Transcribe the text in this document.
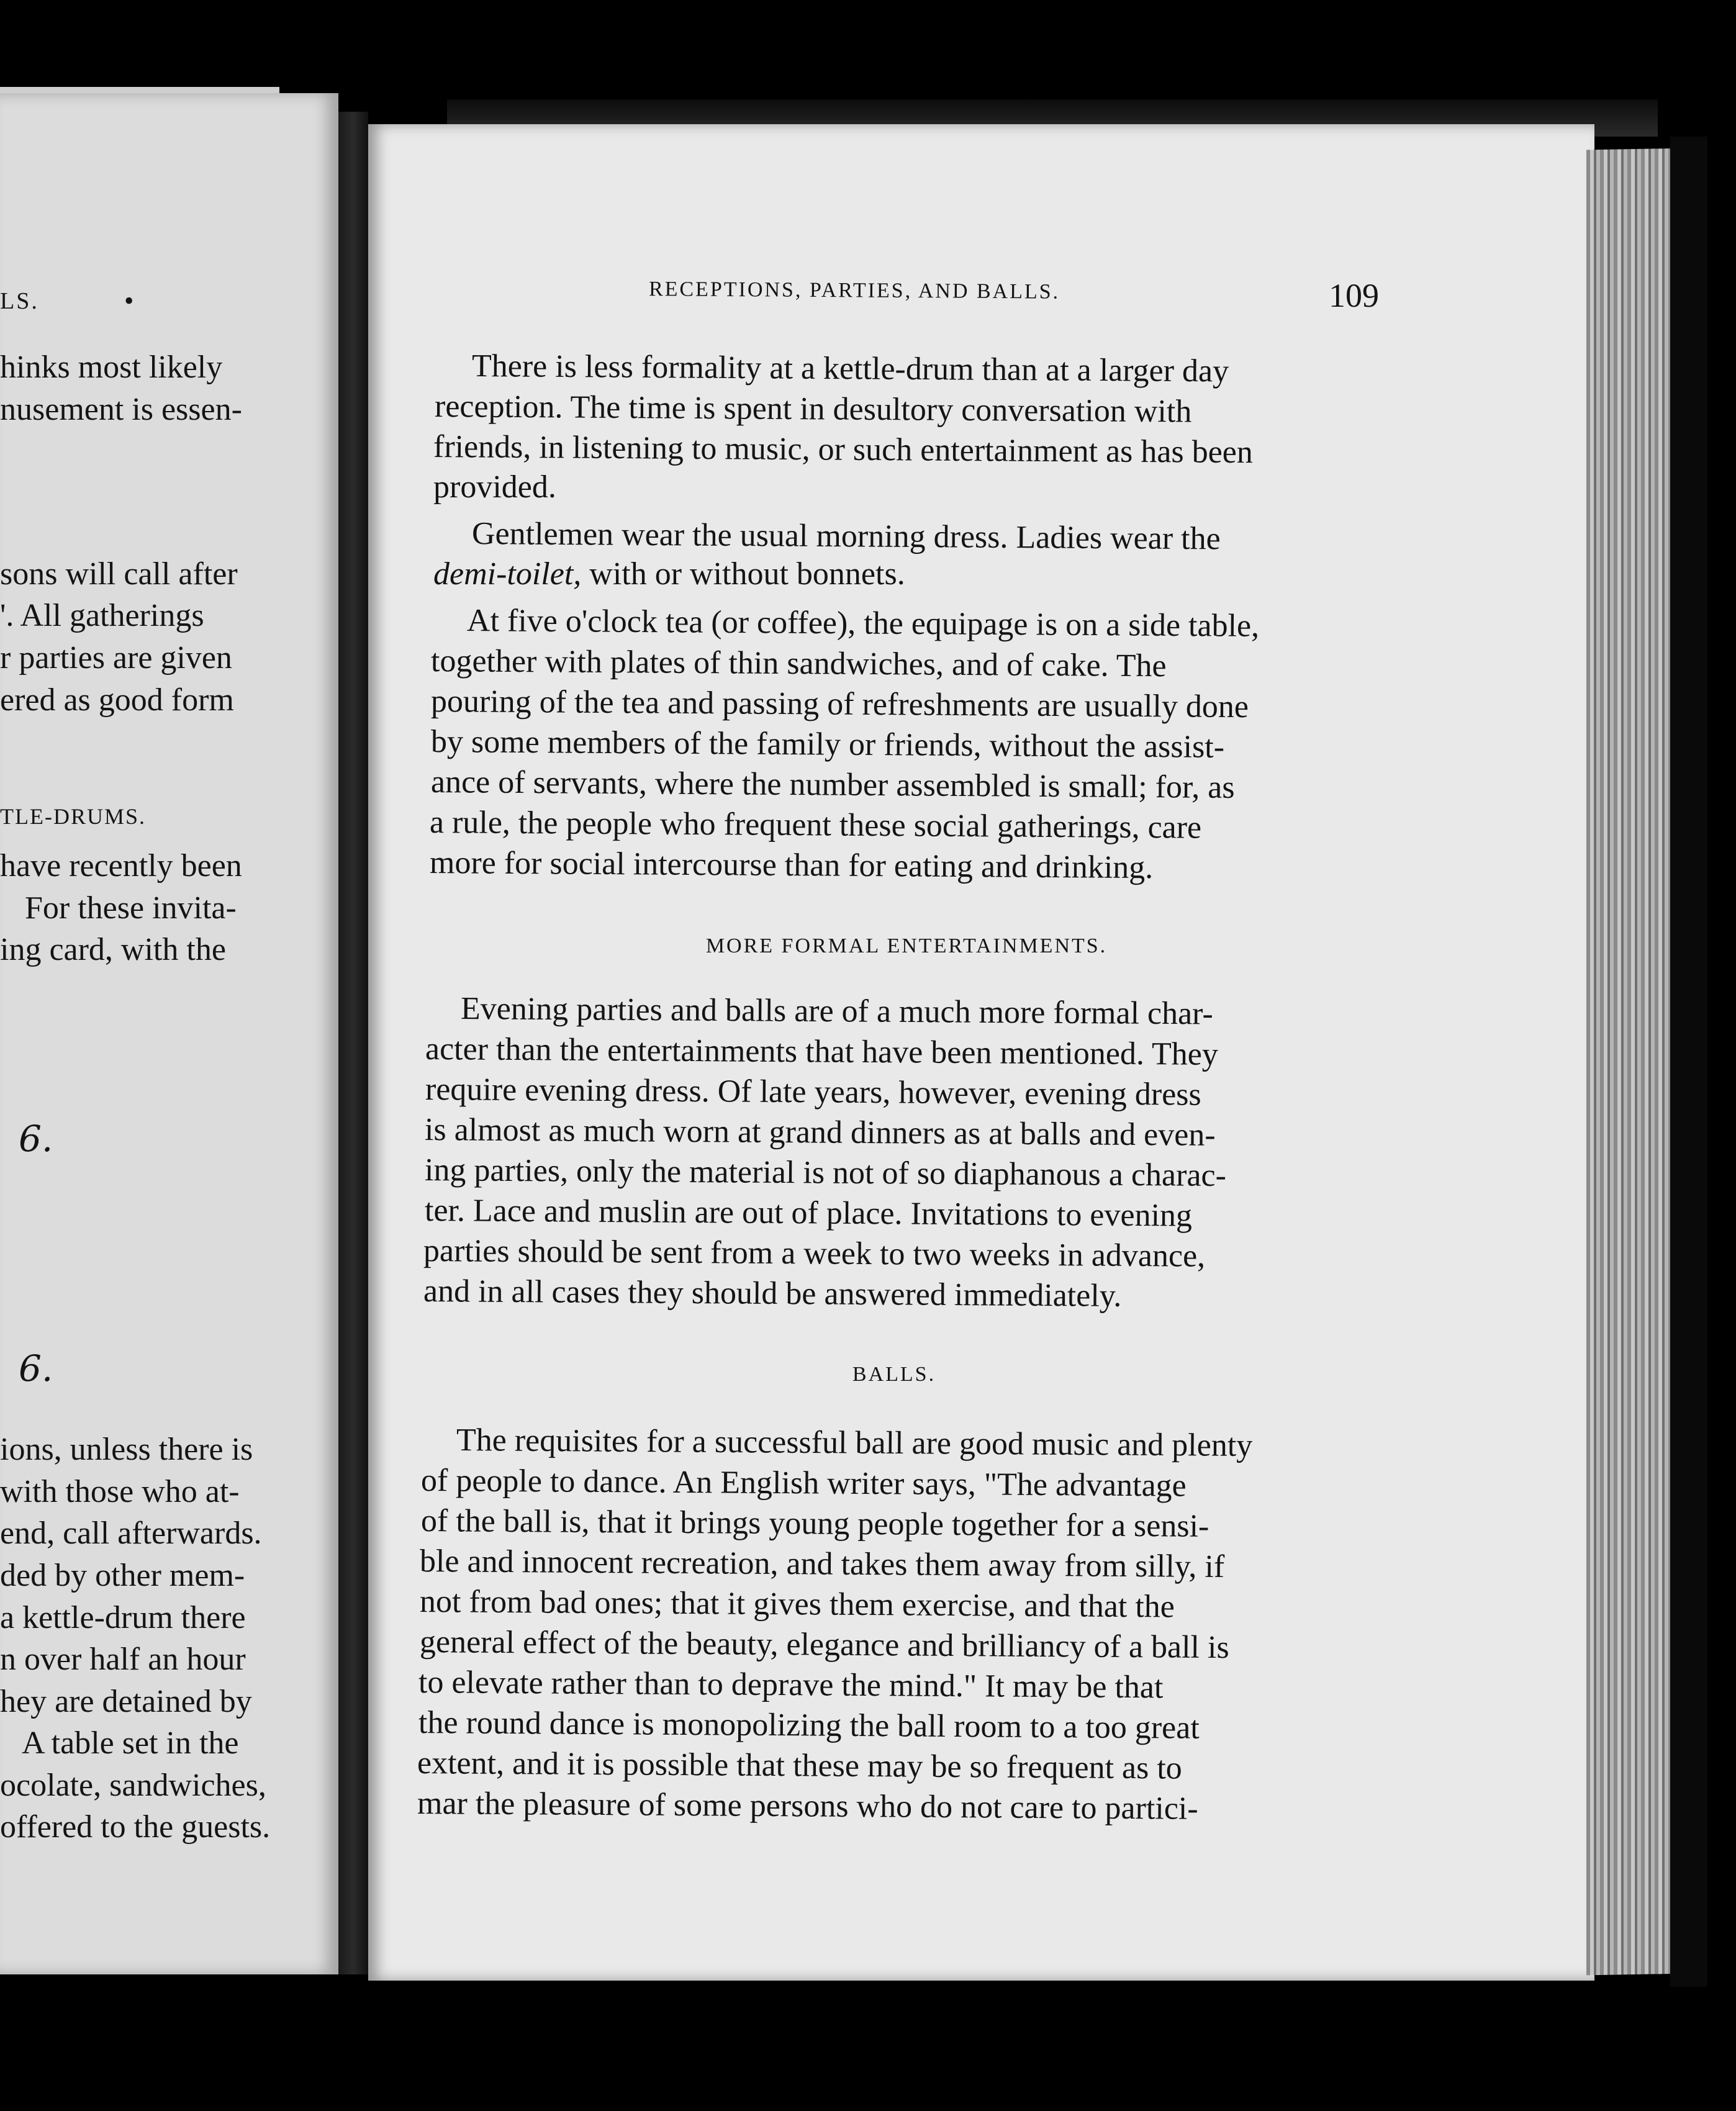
LS.	•
hinks most likely
nusement is essen-
sons will call after
'. All gatherings
r parties are given
ered as good form
TLE-DRUMS.
have recently been
For these invita-
ing card, with the
6.
6.
ions, unless there is
with those who at-
end, call afterwards.
ded by other mem-
a kettle-drum there
n over half an hour
hey are detained by
A table set in the
ocolate, sandwiches,
offered to the guests.
RECEPTIONS, PARTIES, AND BALLS.	109
There is less formality at a kettle-drum than at a larger day
reception. The time is spent in desultory conversation with
friends, in listening to music, or such entertainment as has been
provided.
Gentlemen wear the usual morning dress. Ladies wear the
demi-toilet, with or without bonnets.
At five o'clock tea (or coffee), the equipage is on a side table,
together with plates of thin sandwiches, and of cake. The
pouring of the tea and passing of refreshments are usually done
by some members of the family or friends, without the assist-
ance of servants, where the number assembled is small; for, as
a rule, the people who frequent these social gatherings, care
more for social intercourse than for eating and drinking.
MORE FORMAL ENTERTAINMENTS.
Evening parties and balls are of a much more formal char-
acter than the entertainments that have been mentioned. They
require evening dress. Of late years, however, evening dress
is almost as much worn at grand dinners as at balls and even-
ing parties, only the material is not of so diaphanous a charac-
ter. Lace and muslin are out of place. Invitations to evening
parties should be sent from a week to two weeks in advance,
and in all cases they should be answered immediately.
BALLS.
The requisites for a successful ball are good music and plenty
of people to dance. An English writer says, "The advantage
of the ball is, that it brings young people together for a sensi-
ble and innocent recreation, and takes them away from silly, if
not from bad ones; that it gives them exercise, and that the
general effect of the beauty, elegance and brilliancy of a ball is
to elevate rather than to deprave the mind." It may be that
the round dance is monopolizing the ball room to a too great
extent, and it is possible that these may be so frequent as to
mar the pleasure of some persons who do not care to partici-
